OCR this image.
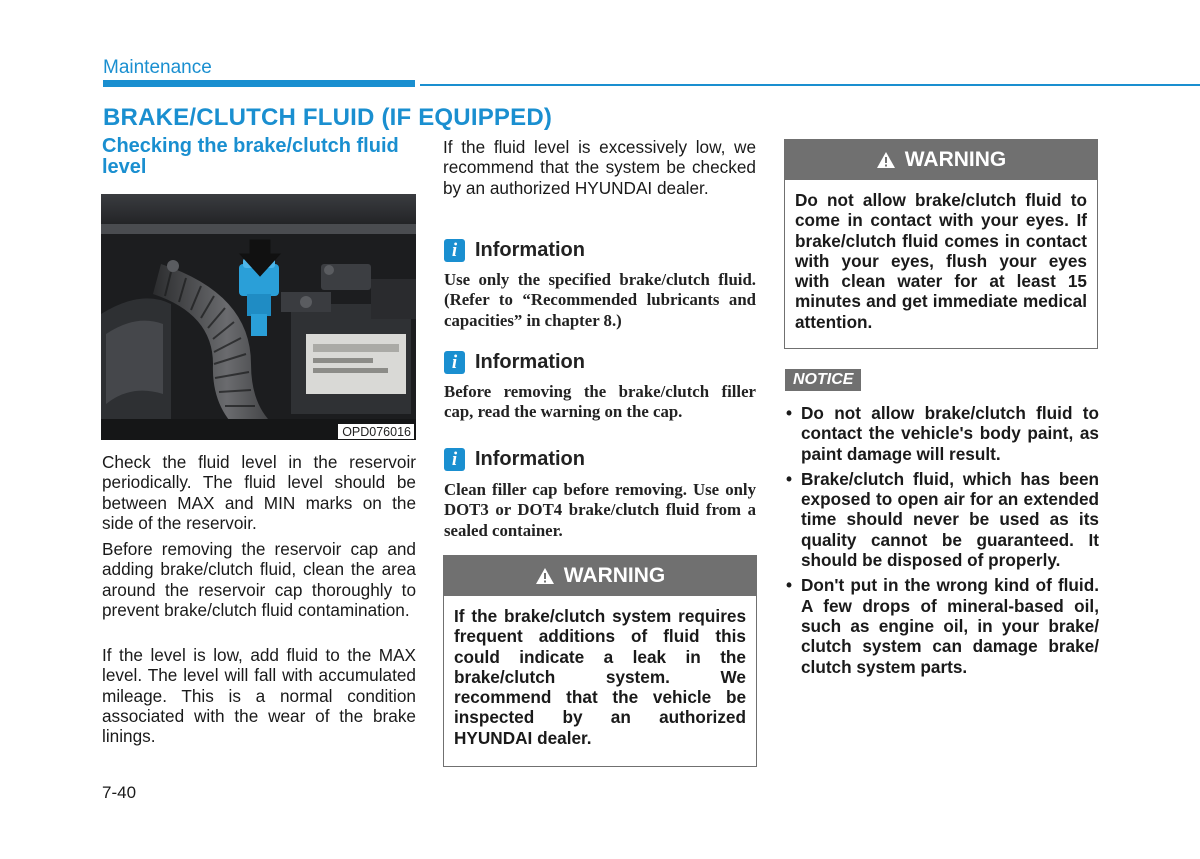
Maintenance
BRAKE/CLUTCH FLUID (IF EQUIPPED)
Checking the brake/clutch fluid level
OPD076016
Check the fluid level in the reservoir periodically. The fluid level should be between MAX and MIN marks on the side of the reservoir.
Before removing the reservoir cap and adding brake/clutch fluid, clean the area around the reservoir cap thoroughly to prevent brake/clutch fluid contamination.
If the level is low, add fluid to the MAX level. The level will fall with accumulated mileage. This is a normal condition associated with the wear of the brake linings.
If the fluid level is excessively low, we recommend that the system be checked by an authorized HYUNDAI dealer.
i Information
Use only the specified brake/clutch fluid. (Refer to “Recommended lubricants and capacities” in chapter 8.)
i Information
Before removing the brake/clutch filler cap, read the warning on the cap.
i Information
Clean filler cap before removing. Use only DOT3 or DOT4 brake/clutch fluid from a sealed container.
WARNING
If the brake/clutch system requires frequent additions of fluid this could indicate a leak in the brake/clutch system. We recommend that the vehicle be inspected by an authorized HYUNDAI dealer.
WARNING
Do not allow brake/clutch fluid to come in contact with your eyes. If brake/clutch fluid comes in contact with your eyes, flush your eyes with clean water for at least 15 minutes and get immediate medical attention.
NOTICE
• Do not allow brake/clutch fluid to contact the vehicle's body paint, as paint damage will result.
• Brake/clutch fluid, which has been exposed to open air for an extended time should never be used as its quality cannot be guaranteed. It should be disposed of properly.
• Don't put in the wrong kind of fluid. A few drops of mineral-based oil, such as engine oil, in your brake/ clutch system can damage brake/ clutch system parts.
7-40
